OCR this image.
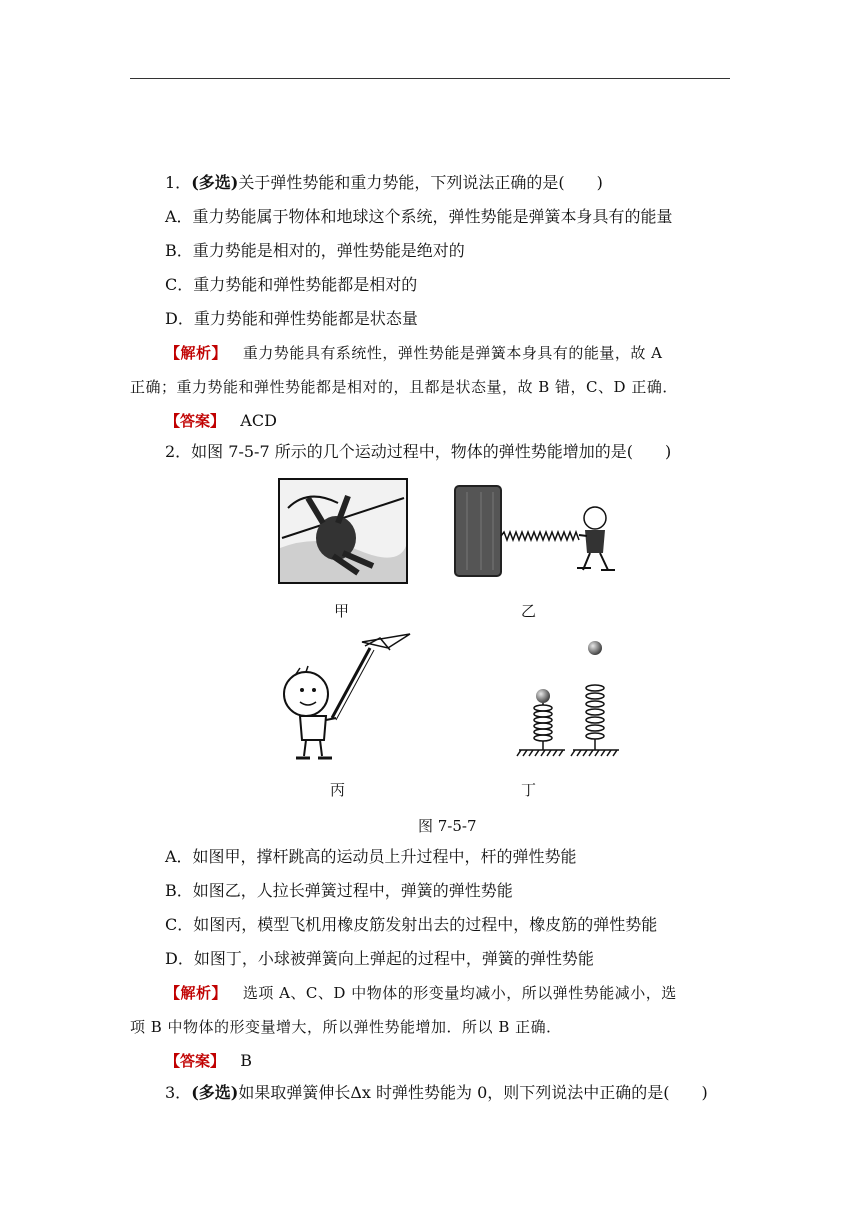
1．(多选)关于弹性势能和重力势能，下列说法正确的是(　　)
A．重力势能属于物体和地球这个系统，弹性势能是弹簧本身具有的能量
B．重力势能是相对的，弹性势能是绝对的
C．重力势能和弹性势能都是相对的
D．重力势能和弹性势能都是状态量
【解析】 重力势能具有系统性，弹性势能是弹簧本身具有的能量，故 A
正确；重力势能和弹性势能都是相对的，且都是状态量，故 B 错，C、D 正确．
【答案】 ACD
2．如图 7-5-7 所示的几个运动过程中，物体的弹性势能增加的是(　　)
甲	乙
丙	丁
图 7-5-7
A．如图甲，撑杆跳高的运动员上升过程中，杆的弹性势能
B．如图乙，人拉长弹簧过程中，弹簧的弹性势能
C．如图丙，模型飞机用橡皮筋发射出去的过程中，橡皮筋的弹性势能
D．如图丁，小球被弹簧向上弹起的过程中，弹簧的弹性势能
【解析】 选项 A、C、D 中物体的形变量均减小，所以弹性势能减小，选
项 B 中物体的形变量增大，所以弹性势能增加．所以 B 正确．
【答案】 B
3．(多选)如果取弹簧伸长Δx 时弹性势能为 0，则下列说法中正确的是(　　)
